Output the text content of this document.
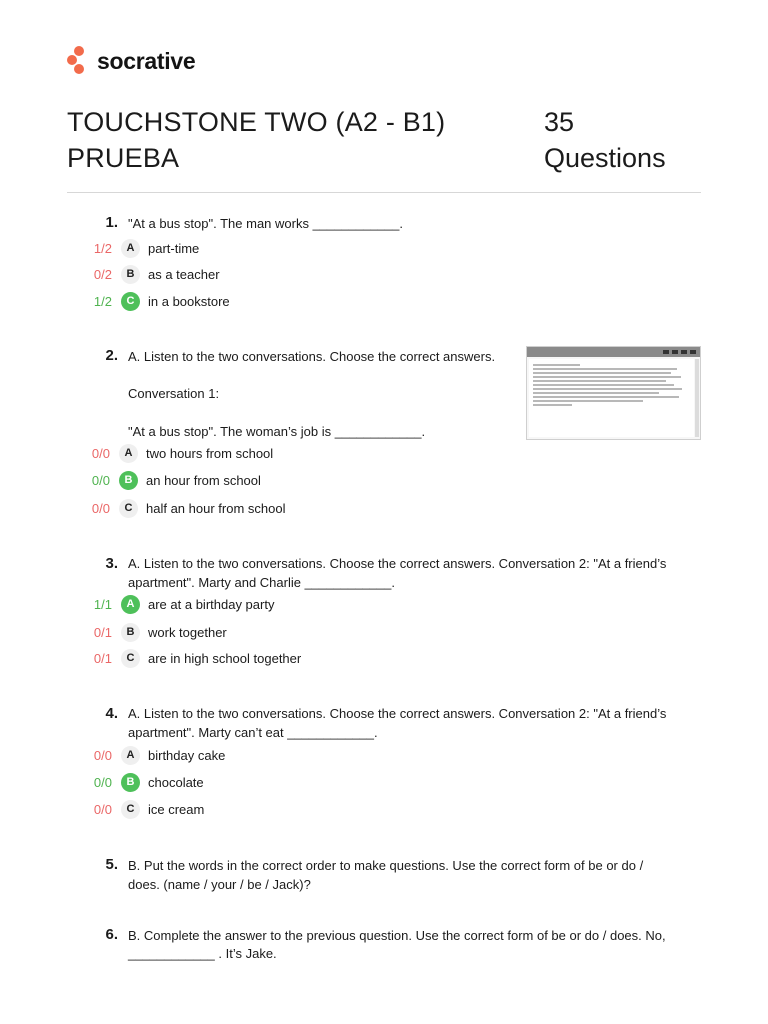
socrative
TOUCHSTONE TWO (A2 - B1)
PRUEBA
35
Questions
1. "At a bus stop". The man works ____________.
1/2	A	part-time
0/2	B	as a teacher
1/2	C	in a bookstore
2. A. Listen to the two conversations. Choose the correct answers.
Conversation 1:
"At a bus stop". The woman’s job is ____________.
0/0	A	two hours from school
0/0	B	an hour from school
0/0	C	half an hour from school
3. A. Listen to the two conversations. Choose the correct answers. Conversation 2: "At a friend’s
apartment". Marty and Charlie ____________.
1/1	A	are at a birthday party
0/1	B	work together
0/1	C	are in high school together
4. A. Listen to the two conversations. Choose the correct answers. Conversation 2: "At a friend’s
apartment". Marty can’t eat ____________.
0/0	A	birthday cake
0/0	B	chocolate
0/0	C	ice cream
5. B. Put the words in the correct order to make questions. Use the correct form of be or do /
does. (name / your / be / Jack)?
6. B. Complete the answer to the previous question. Use the correct form of be or do / does. No,
____________ . It’s Jake.
